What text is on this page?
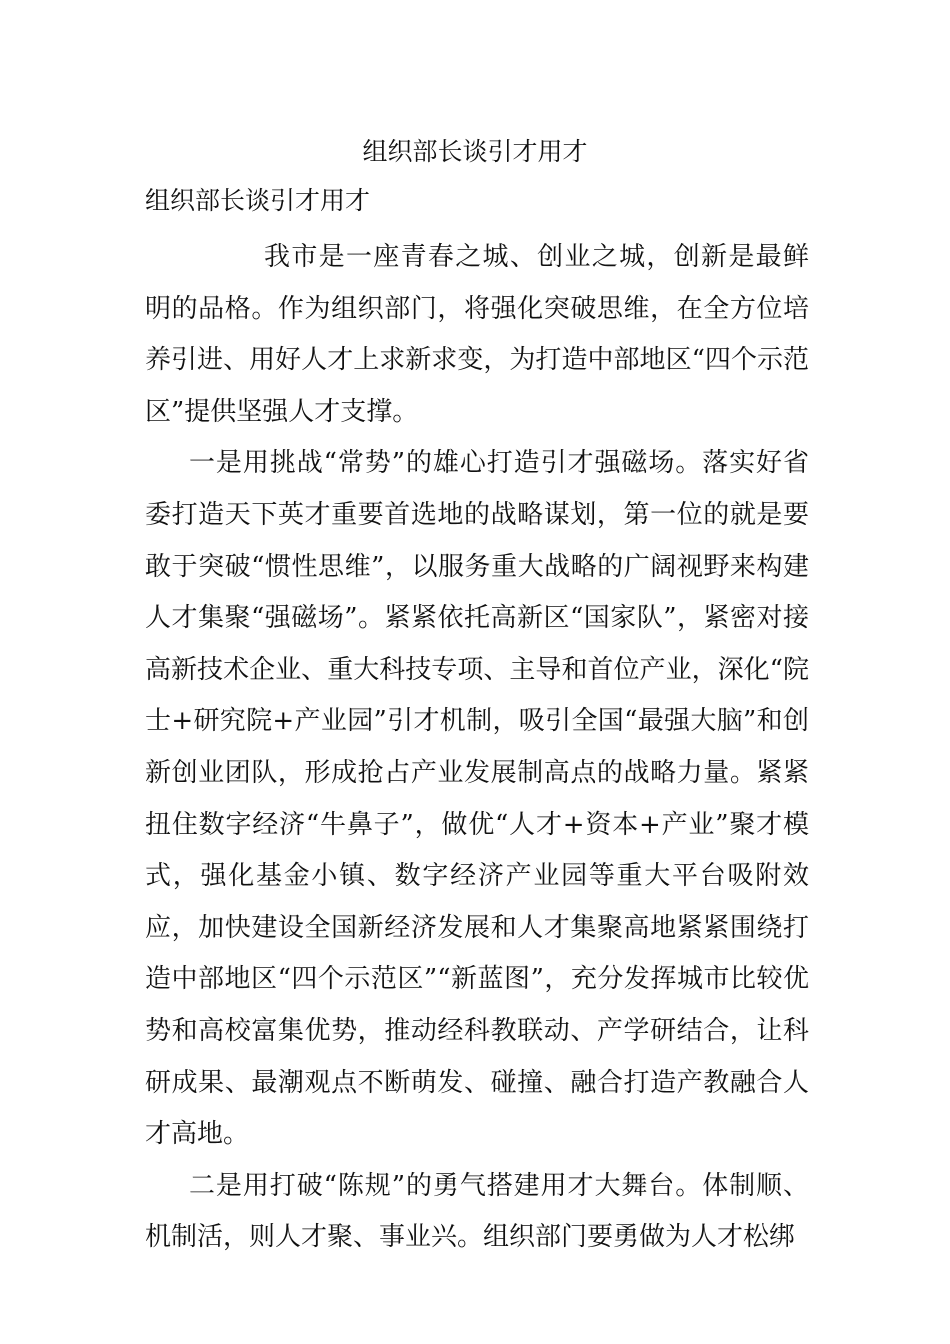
组织部长谈引才用才
组织部长谈引才用才

我市是一座青春之城、创业之城，创新是最鲜明的品格。作为组织部门，将强化突破思维，在全方位培养引进、用好人才上求新求变，为打造中部地区“四个示范区”提供坚强人才支撑。

一是用挑战“常势”的雄心打造引才强磁场。落实好省委打造天下英才重要首选地的战略谋划，第一位的就是要敢于突破“惯性思维”，以服务重大战略的广阔视野来构建人才集聚“强磁场”。紧紧依托高新区“国家队”，紧密对接高新技术企业、重大科技专项、主导和首位产业，深化“院士+研究院+产业园”引才机制，吸引全国“最强大脑”和创新创业团队，形成抢占产业发展制高点的战略力量。紧紧扭住数字经济“牛鼻子”，做优“人才+资本+产业”聚才模式，强化基金小镇、数字经济产业园等重大平台吸附效应，加快建设全国新经济发展和人才集聚高地紧紧围绕打造中部地区“四个示范区”“新蓝图”，充分发挥城市比较优势和高校富集优势，推动经科教联动、产学研结合，让科研成果、最潮观点不断萌发、碰撞、融合打造产教融合人才高地。

二是用打破“陈规”的勇气搭建用才大舞台。体制顺、机制活，则人才聚、事业兴。组织部门要勇做为人才松绑
